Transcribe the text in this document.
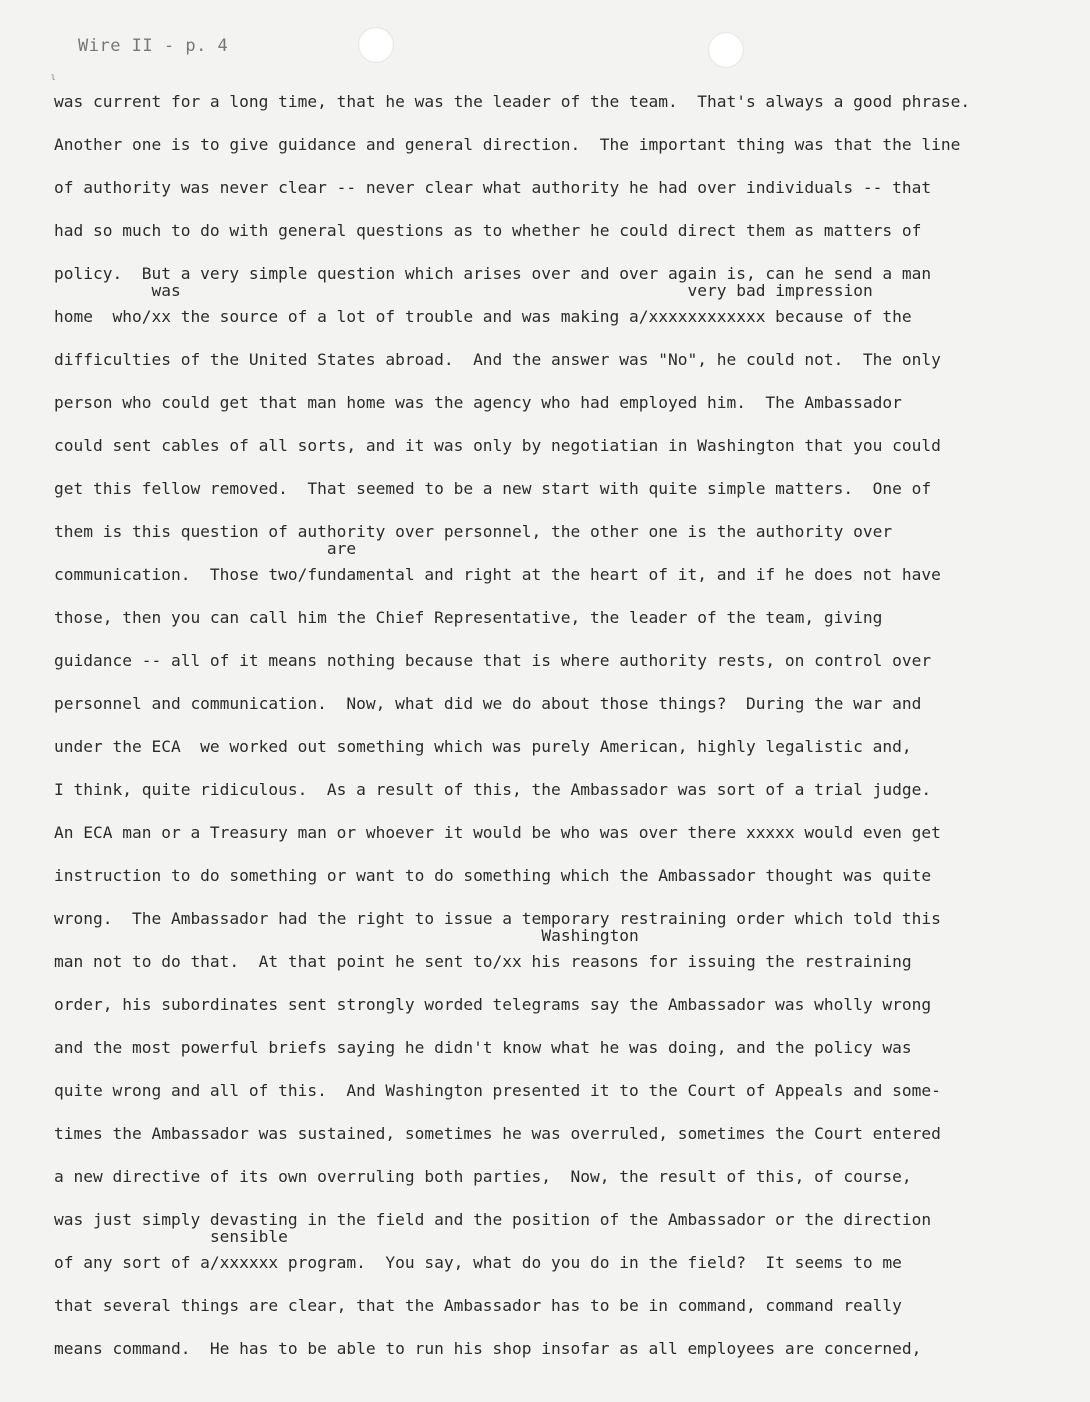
Wire II - p. 4
ι
was current for a long time, that he was the leader of the team.  That's always a good phrase.
Another one is to give guidance and general direction.  The important thing was that the line
of authority was never clear -- never clear what authority he had over individuals -- that
had so much to do with general questions as to whether he could direct them as matters of
policy.  But a very simple question which arises over and over again is, can he send a man
home  who/xx the source of a lot of trouble and was making a/xxxxxxxxxxxx because of the
was	very bad impression
difficulties of the United States abroad.  And the answer was "No", he could not.  The only
person who could get that man home was the agency who had employed him.  The Ambassador
could sent cables of all sorts, and it was only by negotiatian in Washington that you could
get this fellow removed.  That seemed to be a new start with quite simple matters.  One of
them is this question of authority over personnel, the other one is the authority over
communication.  Those two/fundamental and right at the heart of it, and if he does not have
are
those, then you can call him the Chief Representative, the leader of the team, giving
guidance -- all of it means nothing because that is where authority rests, on control over
personnel and communication.  Now, what did we do about those things?  During the war and
under the ECA  we worked out something which was purely American, highly legalistic and,
I think, quite ridiculous.  As a result of this, the Ambassador was sort of a trial judge.
An ECA man or a Treasury man or whoever it would be who was over there xxxxx would even get
instruction to do something or want to do something which the Ambassador thought was quite
wrong.  The Ambassador had the right to issue a temporary restraining order which told this
man not to do that.  At that point he sent to/xx his reasons for issuing the restraining
Washington
order, his subordinates sent strongly worded telegrams say the Ambassador was wholly wrong
and the most powerful briefs saying he didn't know what he was doing, and the policy was
quite wrong and all of this.  And Washington presented it to the Court of Appeals and some-
times the Ambassador was sustained, sometimes he was overruled, sometimes the Court entered
a new directive of its own overruling both parties,  Now, the result of this, of course,
was just simply devasting in the field and the position of the Ambassador or the direction
of any sort of a/xxxxxx program.  You say, what do you do in the field?  It seems to me
sensible
that several things are clear, that the Ambassador has to be in command, command really
means command.  He has to be able to run his shop insofar as all employees are concerned,
